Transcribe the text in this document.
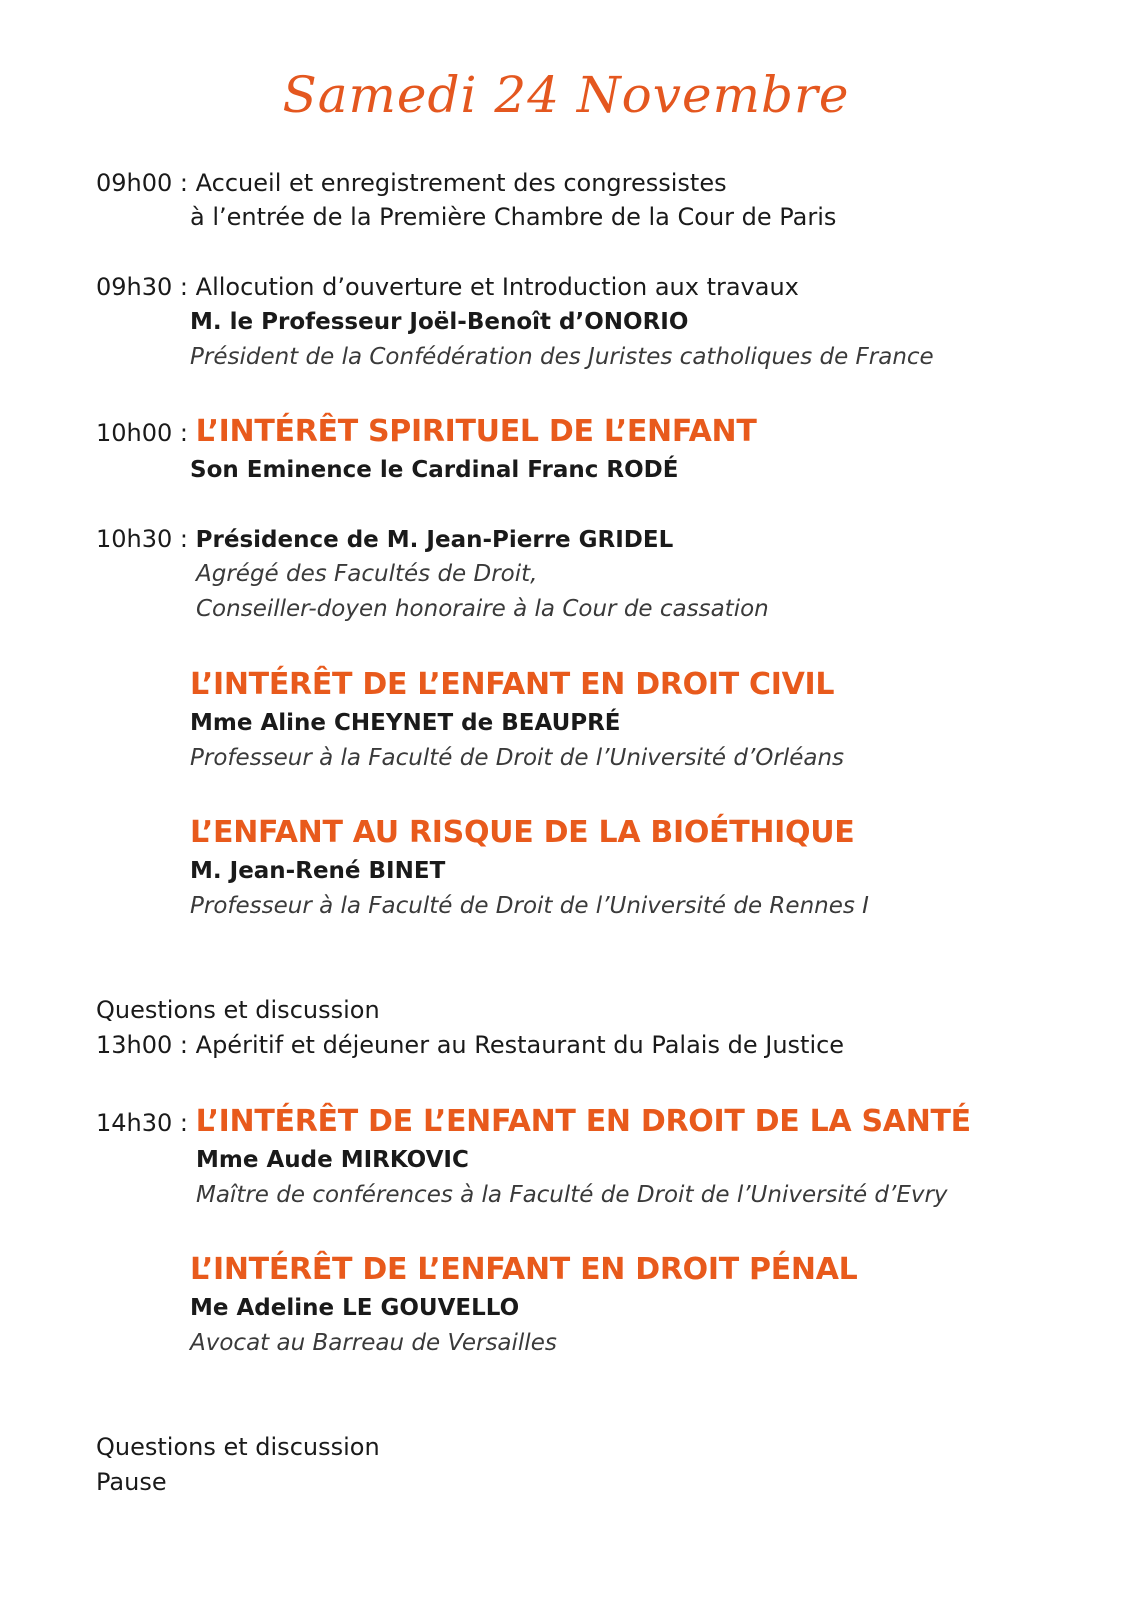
Samedi 24 Novembre
09h00 : Accueil et enregistrement des congressistes
à l’entrée de la Première Chambre de la Cour de Paris
09h30 : Allocution d’ouverture et Introduction aux travaux
M. le Professeur Joël-Benoît d’ONORIO
Président de la Confédération des Juristes catholiques de France
10h00 : L’INTÉRÊT SPIRITUEL DE L’ENFANT
Son Eminence le Cardinal Franc RODÉ
10h30 : Présidence de M. Jean-Pierre GRIDEL
Agrégé des Facultés de Droit,
Conseiller-doyen honoraire à la Cour de cassation
L’INTÉRÊT DE L’ENFANT EN DROIT CIVIL
Mme Aline CHEYNET de BEAUPRÉ
Professeur à la Faculté de Droit de l’Université d’Orléans
L’ENFANT AU RISQUE DE LA BIOÉTHIQUE
M. Jean-René BINET
Professeur à la Faculté de Droit de l’Université de Rennes I
Questions et discussion
13h00 : Apéritif et déjeuner au Restaurant du Palais de Justice
14h30 : L’INTÉRÊT DE L’ENFANT EN DROIT DE LA SANTÉ
Mme Aude MIRKOVIC
Maître de conférences à la Faculté de Droit de l’Université d’Evry
L’INTÉRÊT DE L’ENFANT EN DROIT PÉNAL
Me Adeline LE GOUVELLO
Avocat au Barreau de Versailles
Questions et discussion
Pause
